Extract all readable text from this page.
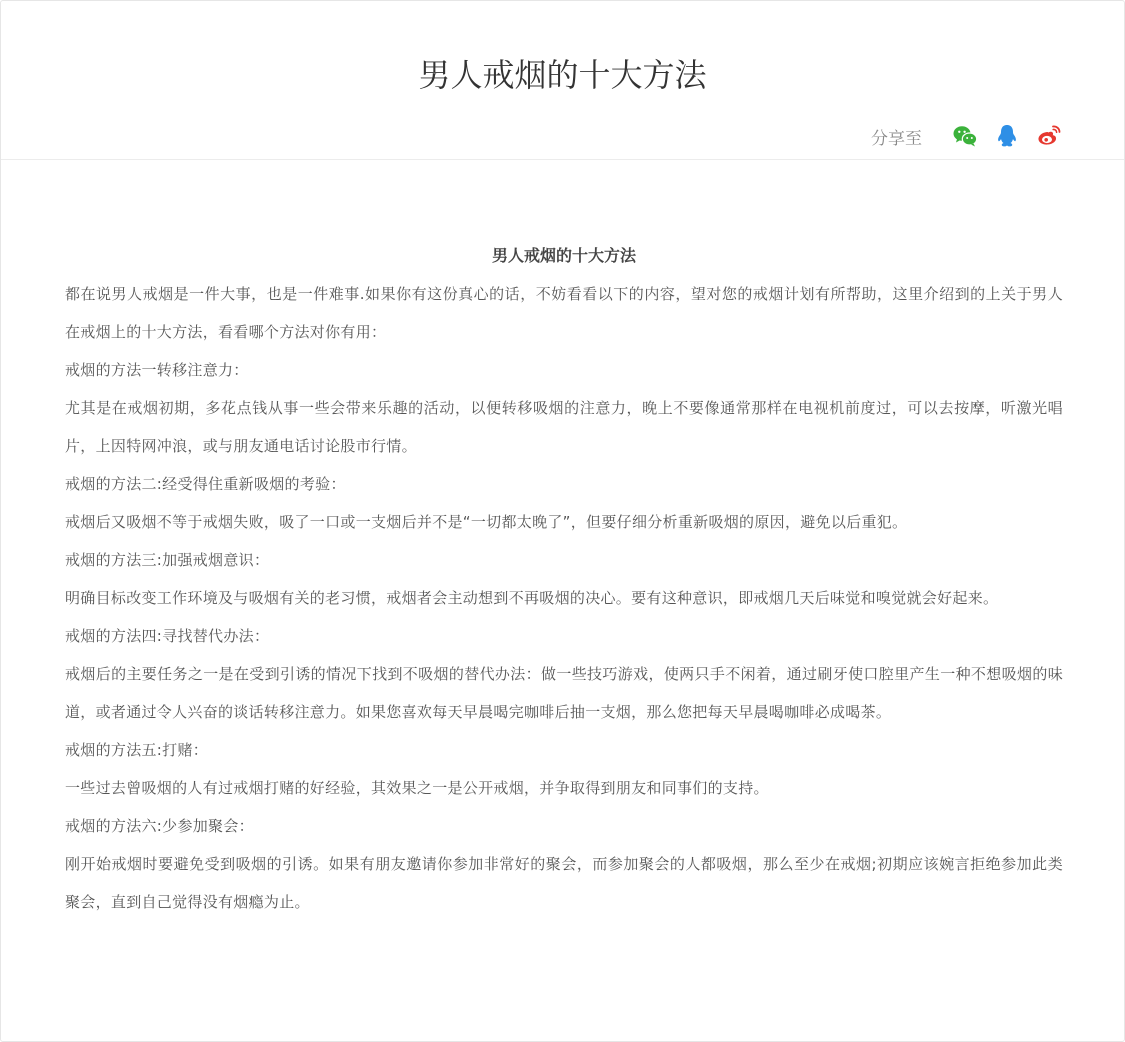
男人戒烟的十大方法
分享至

男人戒烟的十大方法

都在说男人戒烟是一件大事，也是一件难事.如果你有这份真心的话，不妨看看以下的内容，望对您的戒烟计划有所帮助，这里介绍到的上关于男人在戒烟上的十大方法，看看哪个方法对你有用：

戒烟的方法一转移注意力：

尤其是在戒烟初期，多花点钱从事一些会带来乐趣的活动，以便转移吸烟的注意力，晚上不要像通常那样在电视机前度过，可以去按摩，听激光唱片，上因特网冲浪，或与朋友通电话讨论股市行情。

戒烟的方法二:经受得住重新吸烟的考验：

戒烟后又吸烟不等于戒烟失败，吸了一口或一支烟后并不是“一切都太晚了”，但要仔细分析重新吸烟的原因，避免以后重犯。

戒烟的方法三:加强戒烟意识：

明确目标改变工作环境及与吸烟有关的老习惯，戒烟者会主动想到不再吸烟的决心。要有这种意识，即戒烟几天后味觉和嗅觉就会好起来。

戒烟的方法四:寻找替代办法：

戒烟后的主要任务之一是在受到引诱的情况下找到不吸烟的替代办法：做一些技巧游戏，使两只手不闲着，通过刷牙使口腔里产生一种不想吸烟的味道，或者通过令人兴奋的谈话转移注意力。如果您喜欢每天早晨喝完咖啡后抽一支烟，那么您把每天早晨喝咖啡必成喝茶。

戒烟的方法五:打赌：

一些过去曾吸烟的人有过戒烟打赌的好经验，其效果之一是公开戒烟，并争取得到朋友和同事们的支持。

戒烟的方法六:少参加聚会：

刚开始戒烟时要避免受到吸烟的引诱。如果有朋友邀请你参加非常好的聚会，而参加聚会的人都吸烟，那么至少在戒烟;初期应该婉言拒绝参加此类聚会，直到自己觉得没有烟瘾为止。
